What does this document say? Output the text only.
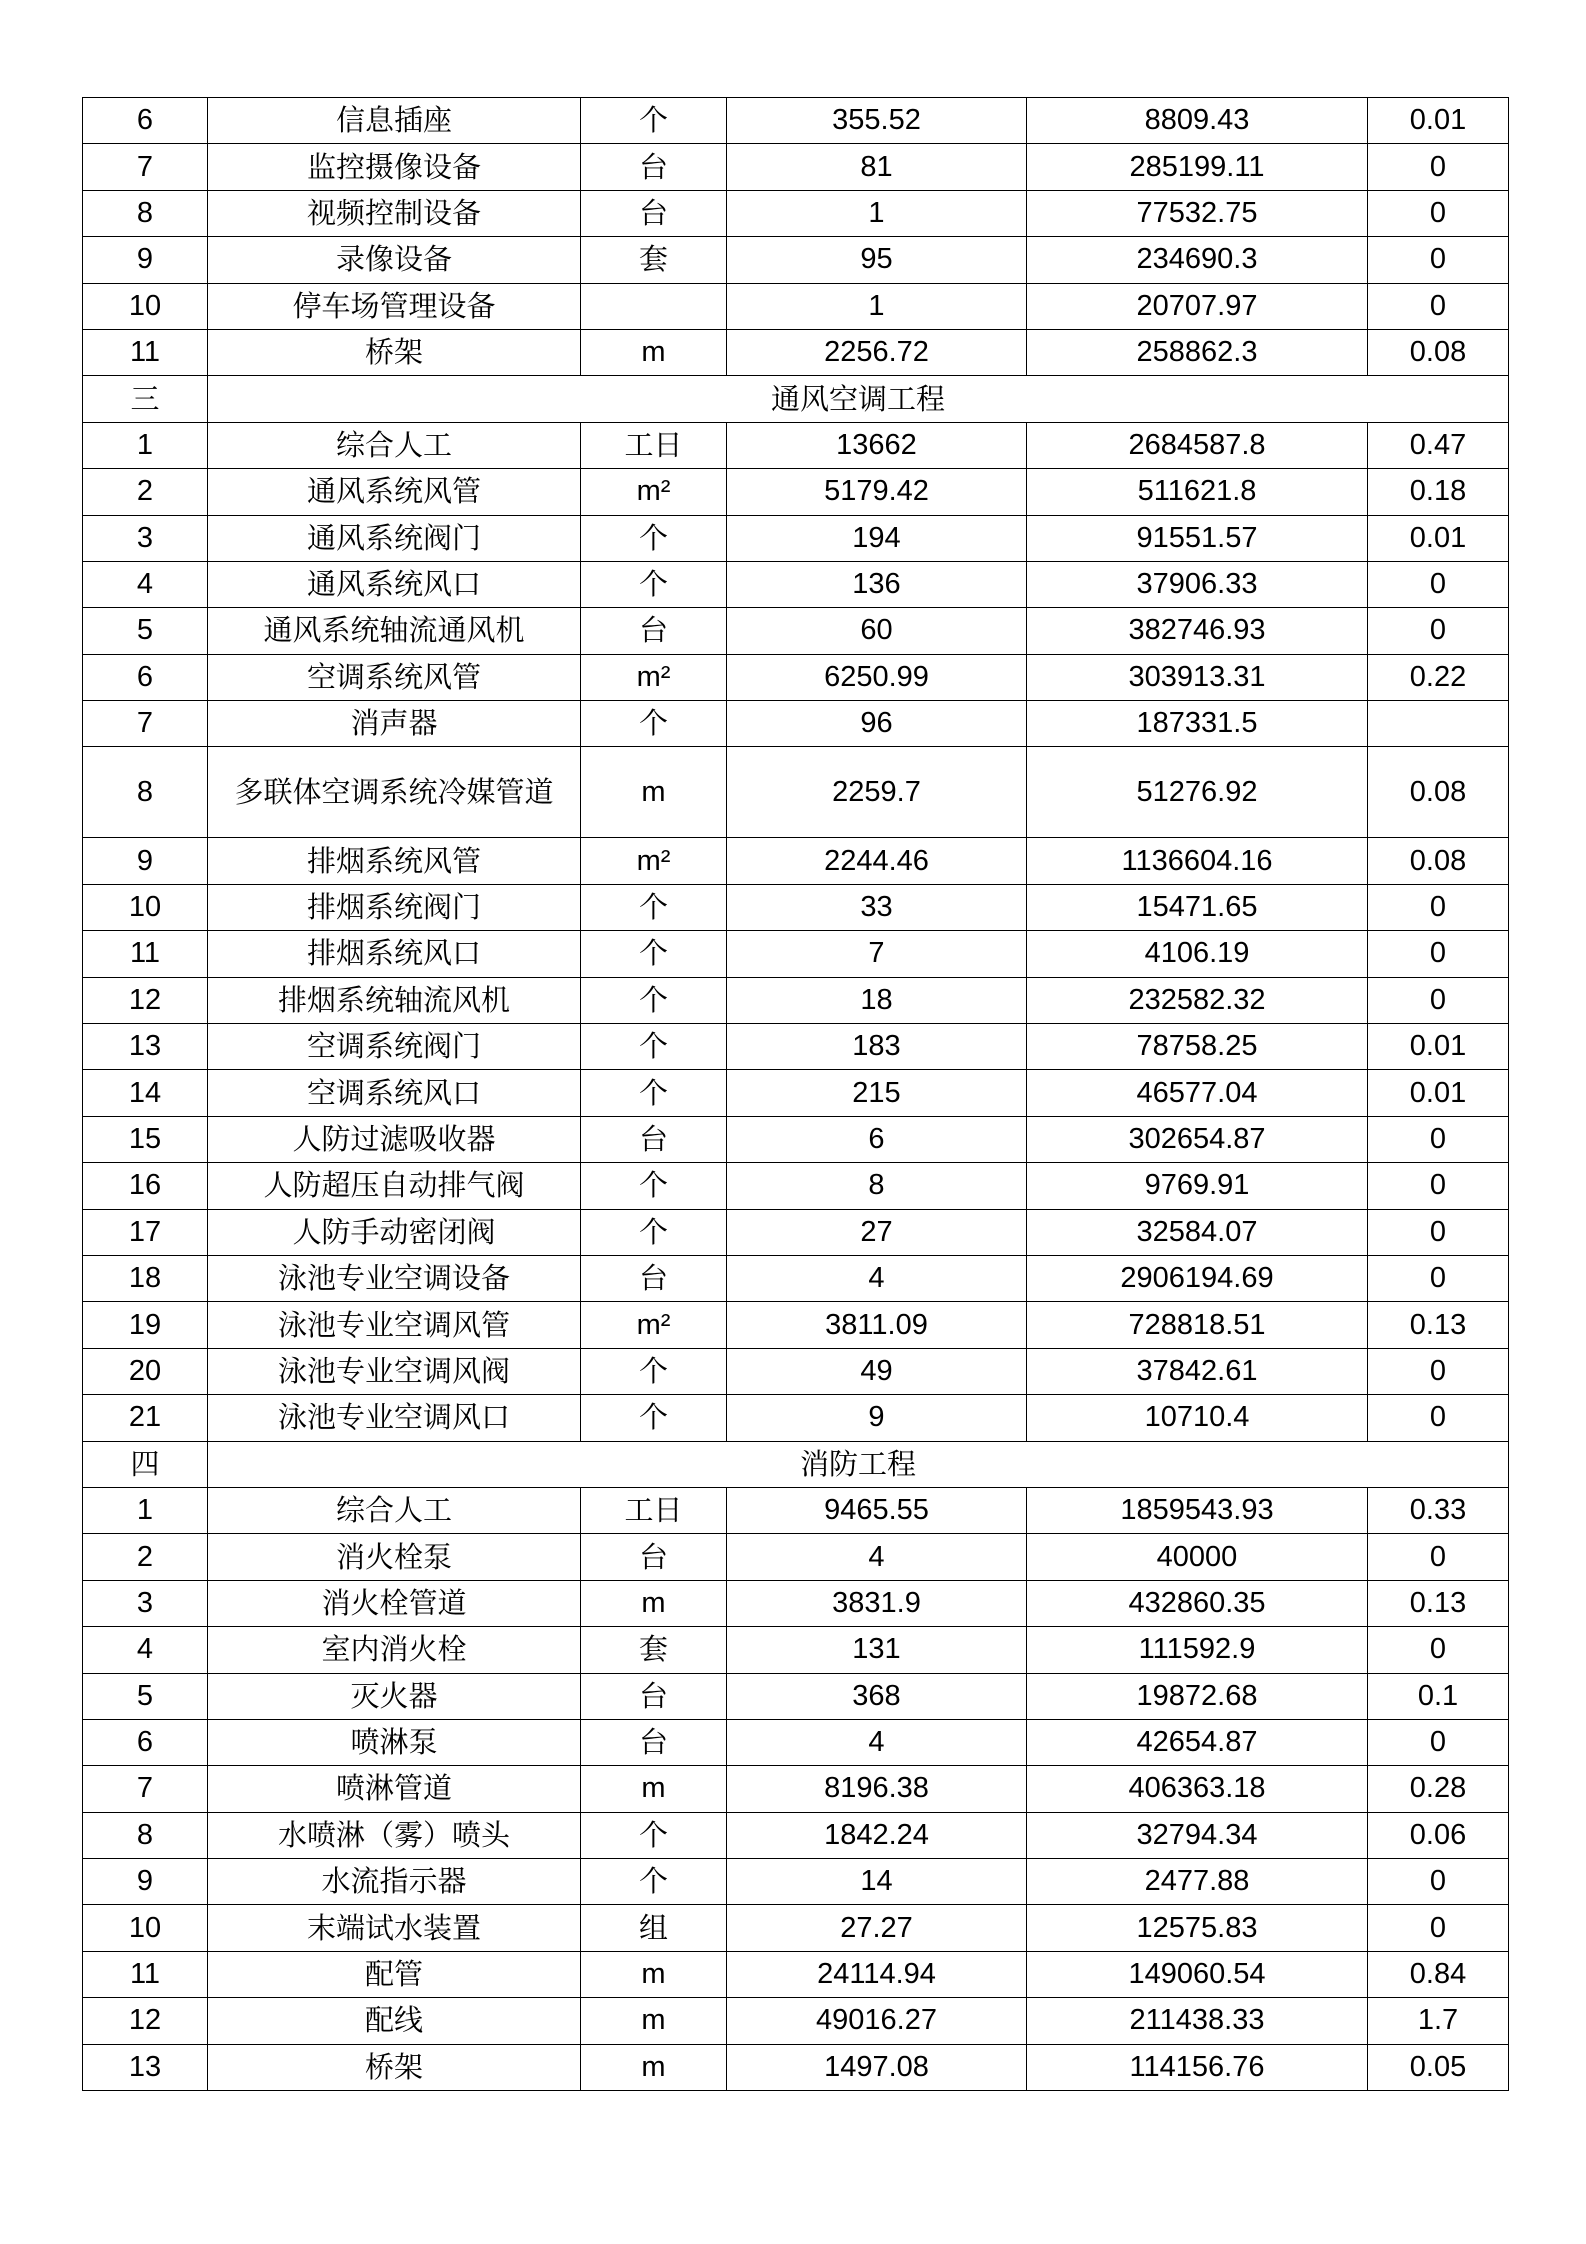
6	信息插座	个	355.52	8809.43	0.01
7	监控摄像设备	台	81	285199.11	0
8	视频控制设备	台	1	77532.75	0
9	录像设备	套	95	234690.3	0
10	停车场管理设备		1	20707.97	0
11	桥架	m	2256.72	258862.3	0.08
三	通风空调工程				
1	综合人工	工日	13662	2684587.8	0.47
2	通风系统风管	m²	5179.42	511621.8	0.18
3	通风系统阀门	个	194	91551.57	0.01
4	通风系统风口	个	136	37906.33	0
5	通风系统轴流通风机	台	60	382746.93	0
6	空调系统风管	m²	6250.99	303913.31	0.22
7	消声器	个	96	187331.5	
8	多联体空调系统冷媒管道	m	2259.7	51276.92	0.08
9	排烟系统风管	m²	2244.46	1136604.16	0.08
10	排烟系统阀门	个	33	15471.65	0
11	排烟系统风口	个	7	4106.19	0
12	排烟系统轴流风机	个	18	232582.32	0
13	空调系统阀门	个	183	78758.25	0.01
14	空调系统风口	个	215	46577.04	0.01
15	人防过滤吸收器	台	6	302654.87	0
16	人防超压自动排气阀	个	8	9769.91	0
17	人防手动密闭阀	个	27	32584.07	0
18	泳池专业空调设备	台	4	2906194.69	0
19	泳池专业空调风管	m²	3811.09	728818.51	0.13
20	泳池专业空调风阀	个	49	37842.61	0
21	泳池专业空调风口	个	9	10710.4	0
四	消防工程				
1	综合人工	工日	9465.55	1859543.93	0.33
2	消火栓泵	台	4	40000	0
3	消火栓管道	m	3831.9	432860.35	0.13
4	室内消火栓	套	131	111592.9	0
5	灭火器	台	368	19872.68	0.1
6	喷淋泵	台	4	42654.87	0
7	喷淋管道	m	8196.38	406363.18	0.28
8	水喷淋（雾）喷头	个	1842.24	32794.34	0.06
9	水流指示器	个	14	2477.88	0
10	末端试水装置	组	27.27	12575.83	0
11	配管	m	24114.94	149060.54	0.84
12	配线	m	49016.27	211438.33	1.7
13	桥架	m	1497.08	114156.76	0.05
